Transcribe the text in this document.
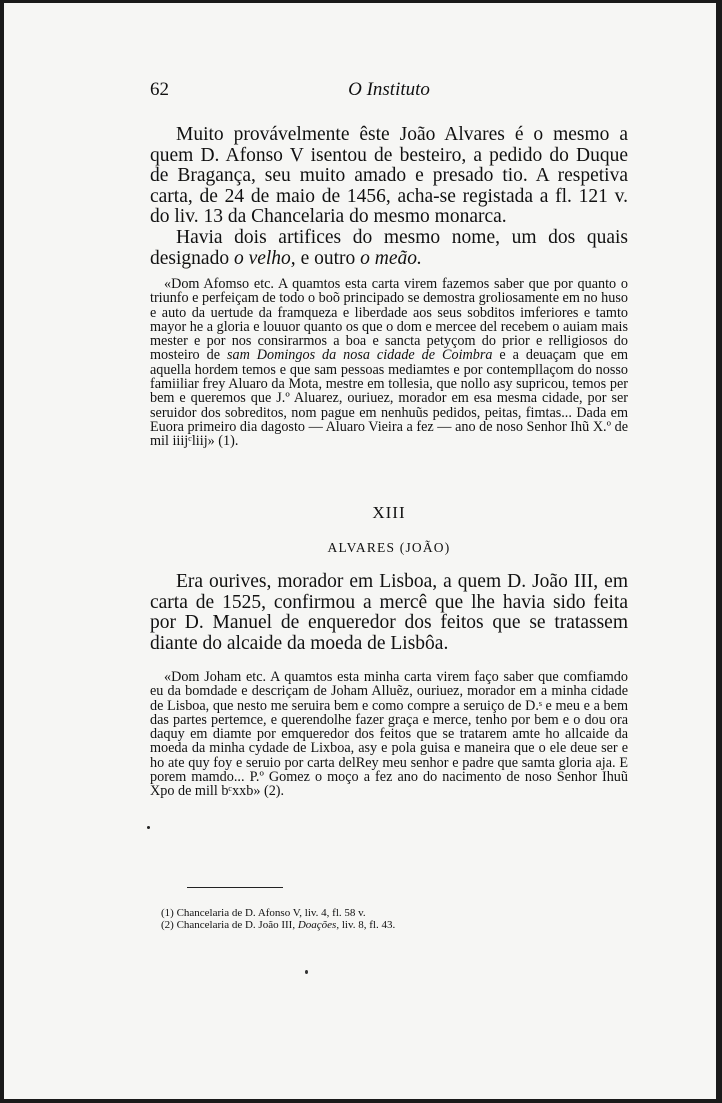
62	O Instituto

Muito provávelmente êste João Alvares é o mesmo a quem D. Afonso V isentou de besteiro, a pedido do Duque de Bragança, seu muito amado e presado tio. A respetiva carta, de 24 de maio de 1456, acha-se registada a fl. 121 v. do liv. 13 da Chancelaria do mesmo monarca.

Havia dois artifices do mesmo nome, um dos quais designado o velho, e outro o meão.

«Dom Afomso etc. A quamtos esta carta virem fazemos saber que por quanto o triunfo e perfeiçam de todo o boõ principado se demostra groliosamente em no huso e auto da uertude da framqueza e liberdade aos seus sobditos imferiores e tamto mayor he a gloria e louuor quanto os que o dom e mercee del recebem o auiam mais mester e por nos consirarmos a boa e sancta petyçom do prior e relligiosos do mosteiro de sam Domingos da nosa cidade de Coimbra e a deuaçam que em aquella hordem temos e que sam pessoas mediamtes e por contempllaçom do nosso famiiliar frey Aluaro da Mota, mestre em tollesia, que nollo asy supricou, temos per bem e queremos que J.º Aluarez, ouriuez, morador em esa mesma cidade, por ser seruidor dos sobreditos, nom pague em nenhuũs pedidos, peitas, fimtas... Dada em Euora primeiro dia dagosto — Aluaro Vieira a fez — ano de noso Senhor Ihũ X.º de mil iiijᶜliij» (1).

XIII
ALVARES (JOÃO)

Era ourives, morador em Lisboa, a quem D. João III, em carta de 1525, confirmou a mercê que lhe havia sido feita por D. Manuel de enqueredor dos feitos que se tratassem diante do alcaide da moeda de Lisbôa.

«Dom Joham etc. A quamtos esta minha carta virem faço saber que comfiamdo eu da bomdade e descriçam de Joham Alluẽz, ouriuez, morador em a minha cidade de Lisboa, que nesto me seruira bem e como compre a seruiço de D.ˢ e meu e a bem das partes pertemce, e querendolhe fazer graça e merce, tenho por bem e o dou ora daquy em diamte por emqueredor dos feitos que se tratarem amte ho allcaide da moeda da minha cydade de Lixboa, asy e pola guisa e maneira que o ele deue ser e ho ate quy foy e seruio por carta delRey meu senhor e padre que samta gloria aja. E porem mamdo... P.º Gomez o moço a fez ano do nacimento de noso Senhor Ihuũ Xpo de mill bᶜxxb» (2).

(1) Chancelaria de D. Afonso V, liv. 4, fl. 58 v.
(2) Chancelaria de D. João III, Doações, liv. 8, fl. 43.
